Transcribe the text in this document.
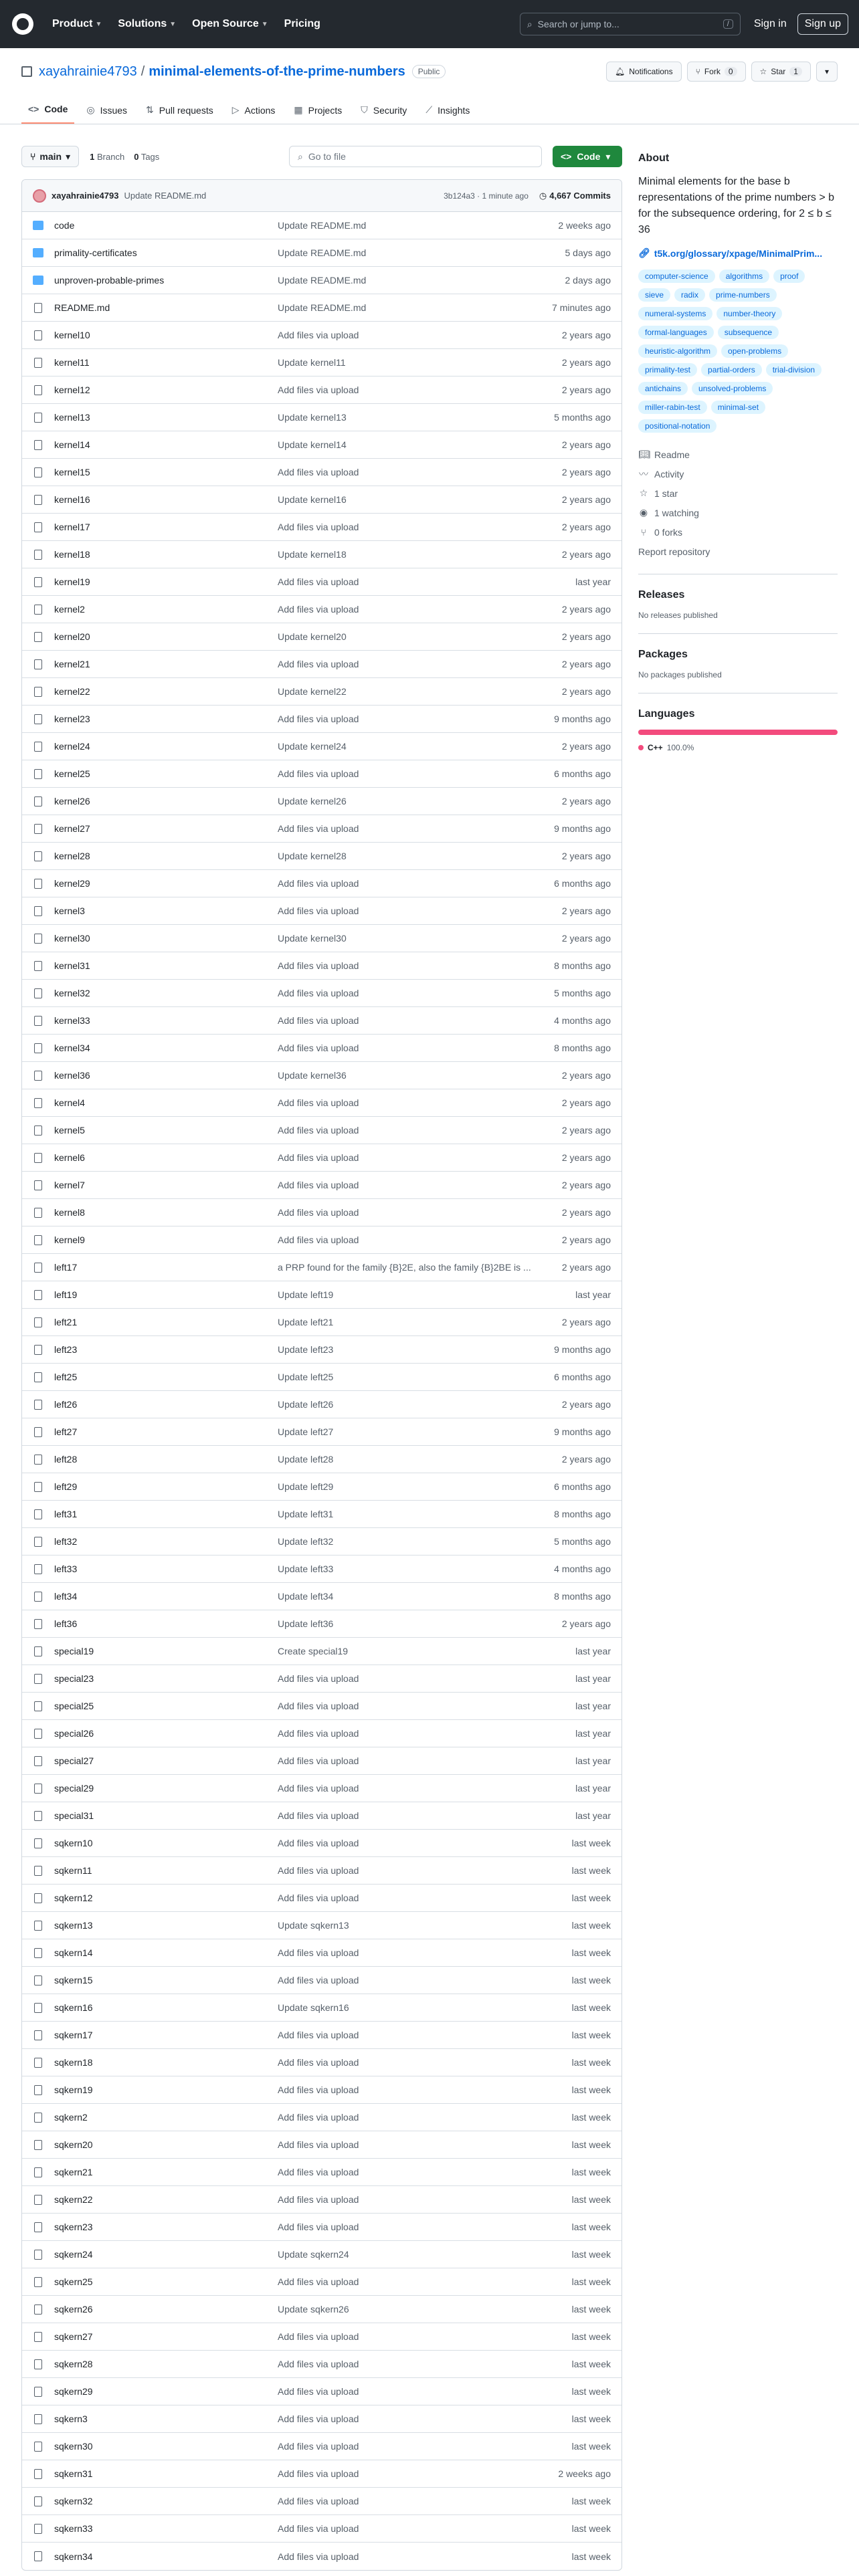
Product ▼ Solutions ▼ Open Source ▼ Pricing	⌕ Search or jump to...	/	Sign in	Sign up
xayahrainie4793 / minimal-elements-of-the-prime-numbers	Public	🔔︎ Notifications	⑂ Fork	0	☆ Star	1	▾
<> Code ◎ Issues ⇅ Pull requests ▷ Actions ▦ Projects ⛉ Security ⟋ Insights
⑂ main ▾ 1 Branch 0 Tags	⌕ Go to file	<> Code ▾
xayahrainie4793 Update README.md	3b124a3 · 1 minute ago ◷ 4,667 Commits
code	Update README.md	2 weeks ago
primality-certificates	Update README.md	5 days ago
unproven-probable-primes	Update README.md	2 days ago
README.md	Update README.md	7 minutes ago
kernel10	Add files via upload	2 years ago
kernel11	Update kernel11	2 years ago
kernel12	Add files via upload	2 years ago
kernel13	Update kernel13	5 months ago
kernel14	Update kernel14	2 years ago
kernel15	Add files via upload	2 years ago
kernel16	Update kernel16	2 years ago
kernel17	Add files via upload	2 years ago
kernel18	Update kernel18	2 years ago
kernel19	Add files via upload	last year
kernel2	Add files via upload	2 years ago
kernel20	Update kernel20	2 years ago
kernel21	Add files via upload	2 years ago
kernel22	Update kernel22	2 years ago
kernel23	Add files via upload	9 months ago
kernel24	Update kernel24	2 years ago
kernel25	Add files via upload	6 months ago
kernel26	Update kernel26	2 years ago
kernel27	Add files via upload	9 months ago
kernel28	Update kernel28	2 years ago
kernel29	Add files via upload	6 months ago
kernel3	Add files via upload	2 years ago
kernel30	Update kernel30	2 years ago
kernel31	Add files via upload	8 months ago
kernel32	Add files via upload	5 months ago
kernel33	Add files via upload	4 months ago
kernel34	Add files via upload	8 months ago
kernel36	Update kernel36	2 years ago
kernel4	Add files via upload	2 years ago
kernel5	Add files via upload	2 years ago
kernel6	Add files via upload	2 years ago
kernel7	Add files via upload	2 years ago
kernel8	Add files via upload	2 years ago
kernel9	Add files via upload	2 years ago
left17	a PRP found for the family {B}2E, also the family {B}2BE is ...	2 years ago
left19	Update left19	last year
left21	Update left21	2 years ago
left23	Update left23	9 months ago
left25	Update left25	6 months ago
left26	Update left26	2 years ago
left27	Update left27	9 months ago
left28	Update left28	2 years ago
left29	Update left29	6 months ago
left31	Update left31	8 months ago
left32	Update left32	5 months ago
left33	Update left33	4 months ago
left34	Update left34	8 months ago
left36	Update left36	2 years ago
special19	Create special19	last year
special23	Add files via upload	last year
special25	Add files via upload	last year
special26	Add files via upload	last year
special27	Add files via upload	last year
special29	Add files via upload	last year
special31	Add files via upload	last year
sqkern10	Add files via upload	last week
sqkern11	Add files via upload	last week
sqkern12	Add files via upload	last week
sqkern13	Update sqkern13	last week
sqkern14	Add files via upload	last week
sqkern15	Add files via upload	last week
sqkern16	Update sqkern16	last week
sqkern17	Add files via upload	last week
sqkern18	Add files via upload	last week
sqkern19	Add files via upload	last week
sqkern2	Add files via upload	last week
sqkern20	Add files via upload	last week
sqkern21	Add files via upload	last week
sqkern22	Add files via upload	last week
sqkern23	Add files via upload	last week
sqkern24	Update sqkern24	last week
sqkern25	Add files via upload	last week
sqkern26	Update sqkern26	last week
sqkern27	Add files via upload	last week
sqkern28	Add files via upload	last week
sqkern29	Add files via upload	last week
sqkern3	Add files via upload	last week
sqkern30	Add files via upload	last week
sqkern31	Add files via upload	2 weeks ago
sqkern32	Add files via upload	last week
sqkern33	Add files via upload	last week
sqkern34	Add files via upload	last week
About
Minimal elements for the base b representations of the prime numbers > b for the subsequence ordering, for 2 ≤ b ≤ 36
🔗︎ t5k.org/glossary/xpage/MinimalPrim...
computer-science	algorithms	proof
sieve	radix	prime-numbers
numeral-systems	number-theory
formal-languages	subsequence
heuristic-algorithm	open-problems
primality-test	partial-orders	trial-division
antichains	unsolved-problems
miller-rabin-test	minimal-set
positional-notation
📖︎ Readme
〰 Activity
☆ 1 star
◉ 1 watching
⑂ 0 forks
Report repository
Releases
No releases published
Packages
No packages published
Languages
C++ 100.0%
